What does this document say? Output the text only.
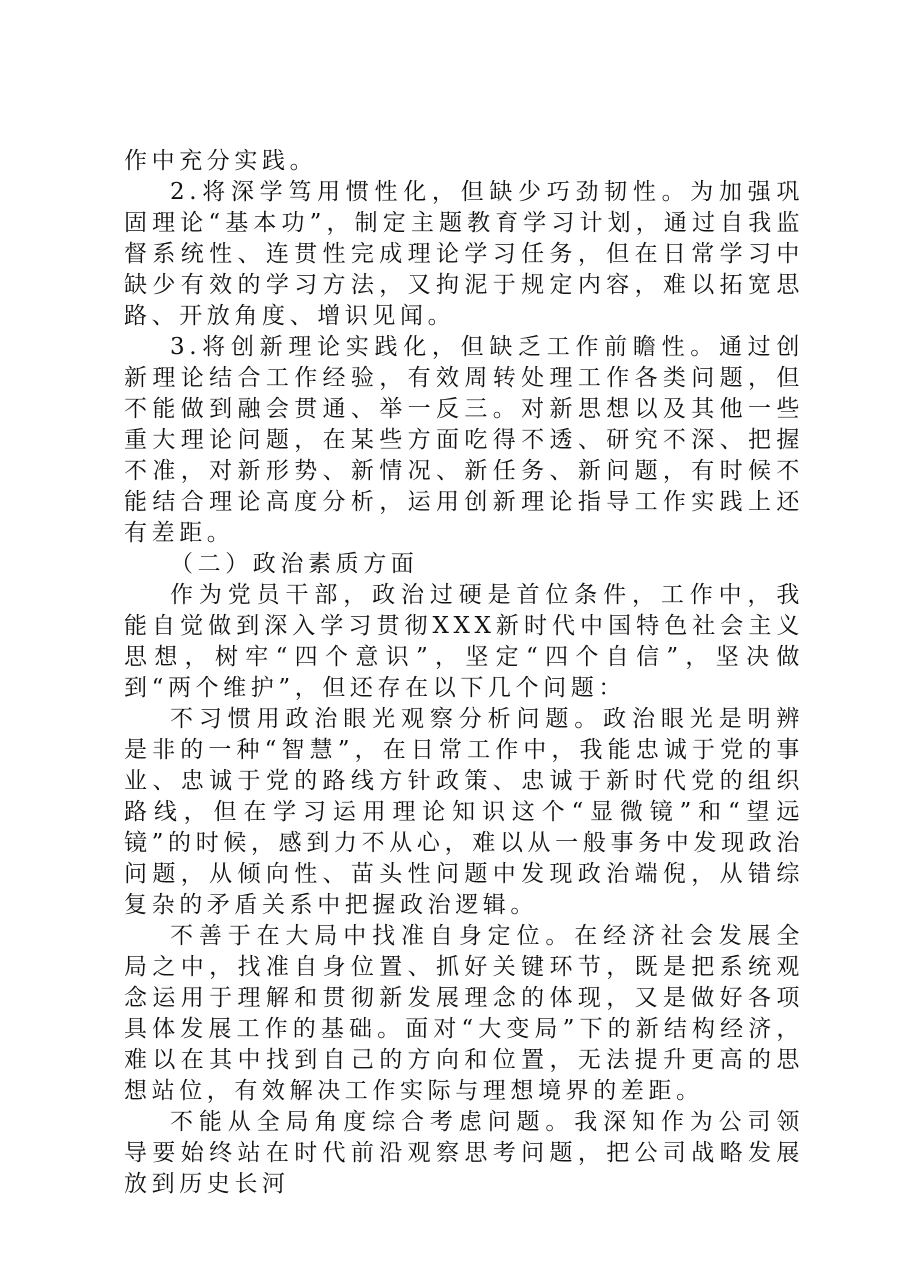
作中充分实践。

2.将深学笃用惯性化，但缺少巧劲韧性。为加强巩固理论“基本功”，制定主题教育学习计划，通过自我监督系统性、连贯性完成理论学习任务，但在日常学习中缺少有效的学习方法，又拘泥于规定内容，难以拓宽思路、开放角度、增识见闻。

3.将创新理论实践化，但缺乏工作前瞻性。通过创新理论结合工作经验，有效周转处理工作各类问题，但不能做到融会贯通、举一反三。对新思想以及其他一些重大理论问题，在某些方面吃得不透、研究不深、把握不准，对新形势、新情况、新任务、新问题，有时候不能结合理论高度分析，运用创新理论指导工作实践上还有差距。

（二）政治素质方面

作为党员干部，政治过硬是首位条件，工作中，我能自觉做到深入学习贯彻XXX新时代中国特色社会主义思想，树牢“四个意识”，坚定“四个自信”，坚决做到“两个维护”，但还存在以下几个问题：

不习惯用政治眼光观察分析问题。政治眼光是明辨是非的一种“智慧”，在日常工作中，我能忠诚于党的事业、忠诚于党的路线方针政策、忠诚于新时代党的组织路线，但在学习运用理论知识这个“显微镜”和“望远镜”的时候，感到力不从心，难以从一般事务中发现政治问题，从倾向性、苗头性问题中发现政治端倪，从错综复杂的矛盾关系中把握政治逻辑。

不善于在大局中找准自身定位。在经济社会发展全局之中，找准自身位置、抓好关键环节，既是把系统观念运用于理解和贯彻新发展理念的体现，又是做好各项具体发展工作的基础。面对“大变局”下的新结构经济，难以在其中找到自己的方向和位置，无法提升更高的思想站位，有效解决工作实际与理想境界的差距。

不能从全局角度综合考虑问题。我深知作为公司领导要始终站在时代前沿观察思考问题，把公司战略发展放到历史长河
